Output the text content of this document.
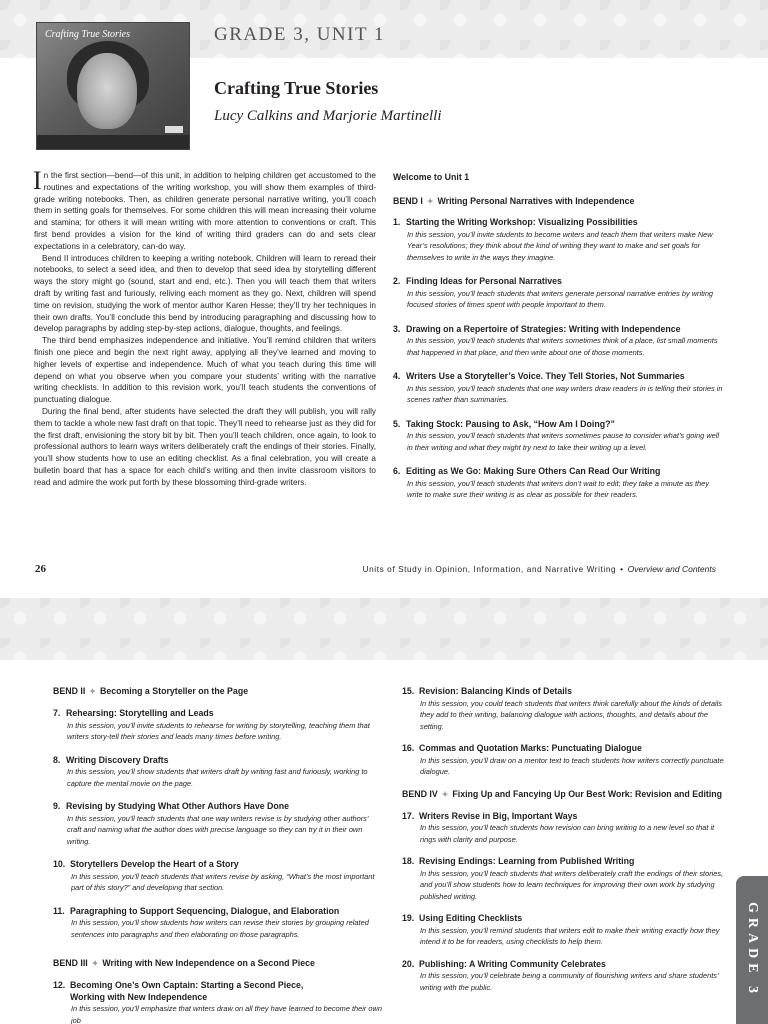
Crafting True Stories	GRADE 3, UNIT 1
Crafting True Stories
Lucy Calkins and Marjorie Martinelli

In the first section—bend—of this unit, in addition to helping children get accustomed to the routines and expectations of the writing workshop, you will show them examples of third-grade writing notebooks. Then, as children generate personal narrative writing, you’ll coach them in setting goals for themselves. For some children this will mean increasing their volume and stamina; for others it will mean writing with more attention to conventions or craft. This first bend provides a vision for the kind of writing third graders can do and sets clear expectations in a celebratory, can-do way.

Bend II introduces children to keeping a writing notebook. Children will learn to reread their notebooks, to select a seed idea, and then to develop that seed idea by storytelling different ways the story might go (sound, start and end, etc.). Then you will teach them that writers draft by writing fast and furiously, reliving each moment as they go. Next, children will spend time on revision, studying the work of mentor author Karen Hesse; they’ll try her techniques in their own drafts. You’ll conclude this bend by introducing paragraphing and discussing how to develop paragraphs by adding step-by-step actions, dialogue, thoughts, and feelings.

The third bend emphasizes independence and initiative. You’ll remind children that writers finish one piece and begin the next right away, applying all they’ve learned and moving to higher levels of expertise and independence. Much of what you teach during this time will depend on what you observe when you compare your students’ writing with the narrative writing checklists. In addition to this revision work, you’ll teach students the conventions of punctuating dialogue.

During the final bend, after students have selected the draft they will publish, you will rally them to tackle a whole new fast draft on that topic. They’ll need to rehearse just as they did for the first draft, envisioning the story bit by bit. Then you’ll teach children, once again, to look to professional authors to learn ways writers deliberately craft the endings of their stories. Finally, you’ll show students how to use an editing checklist. As a final celebration, you will create a bulletin board that has a space for each child’s writing and then invite classroom visitors to read and admire the work put forth by these blossoming third-grade writers.

Welcome to Unit 1
BEND I ✦ Writing Personal Narratives with Independence
1. Starting the Writing Workshop: Visualizing Possibilities
In this session, you’ll invite students to become writers and teach them that writers make New Year’s resolutions; they think about the kind of writing they want to make and set goals for themselves to write in the ways they imagine.
2. Finding Ideas for Personal Narratives
In this session, you’ll teach students that writers generate personal narrative entries by writing focused stories of times spent with people important to them.
3. Drawing on a Repertoire of Strategies: Writing with Independence
In this session, you’ll teach students that writers sometimes think of a place, list small moments that happened in that place, and then write about one of those moments.
4. Writers Use a Storyteller’s Voice. They Tell Stories, Not Summaries
In this session, you’ll teach students that one way writers draw readers in is telling their stories in scenes rather than summaries.
5. Taking Stock: Pausing to Ask, “How Am I Doing?”
In this session, you’ll teach students that writers sometimes pause to consider what’s going well in their writing and what they might try next to take their writing up a level.
6. Editing as We Go: Making Sure Others Can Read Our Writing
In this session, you’ll teach students that writers don’t wait to edit; they take a minute as they write to make sure their writing is as clear as possible for their readers.
26	Units of Study in Opinion, Information, and Narrative Writing • Overview and Contents
BEND II ✦ Becoming a Storyteller on the Page
7. Rehearsing: Storytelling and Leads
In this session, you’ll invite students to rehearse for writing by storytelling, teaching them that writers story-tell their stories and leads many times before writing.
8. Writing Discovery Drafts
In this session, you’ll show students that writers draft by writing fast and furiously, working to capture the mental movie on the page.
9. Revising by Studying What Other Authors Have Done
In this session, you’ll teach students that one way writers revise is by studying other authors’ craft and naming what the author does with precise language so they can try it in their own writing.
10. Storytellers Develop the Heart of a Story
In this session, you’ll teach students that writers revise by asking, “What’s the most important part of this story?” and developing that section.
11. Paragraphing to Support Sequencing, Dialogue, and Elaboration
In this session, you’ll show students how writers can revise their stories by grouping related sentences into paragraphs and then elaborating on those paragraphs.
BEND III ✦ Writing with New Independence on a Second Piece
12. Becoming One’s Own Captain: Starting a Second Piece,
Working with New Independence
In this session, you’ll emphasize that writers draw on all they have learned to become their own job
15. Revision: Balancing Kinds of Details
In this session, you could teach students that writers think carefully about the kinds of details they add to their writing, balancing dialogue with actions, thoughts, and details about the setting.
16. Commas and Quotation Marks: Punctuating Dialogue
In this session, you’ll draw on a mentor text to teach students how writers correctly punctuate dialogue.
BEND IV ✦ Fixing Up and Fancying Up Our Best Work: Revision and Editing
17. Writers Revise in Big, Important Ways
In this session, you’ll teach students how revision can bring writing to a new level so that it rings with clarity and purpose.
18. Revising Endings: Learning from Published Writing
In this session, you’ll teach students that writers deliberately craft the endings of their stories, and you’ll show students how to learn techniques for improving their own work by studying published writing.
19. Using Editing Checklists
In this session, you’ll remind students that writers edit to make their writing exactly how they intend it to be for readers, using checklists to help them.
20. Publishing: A Writing Community Celebrates
In this session, you’ll celebrate being a community of flourishing writers and share students’ writing with the public.	GRADE 3
